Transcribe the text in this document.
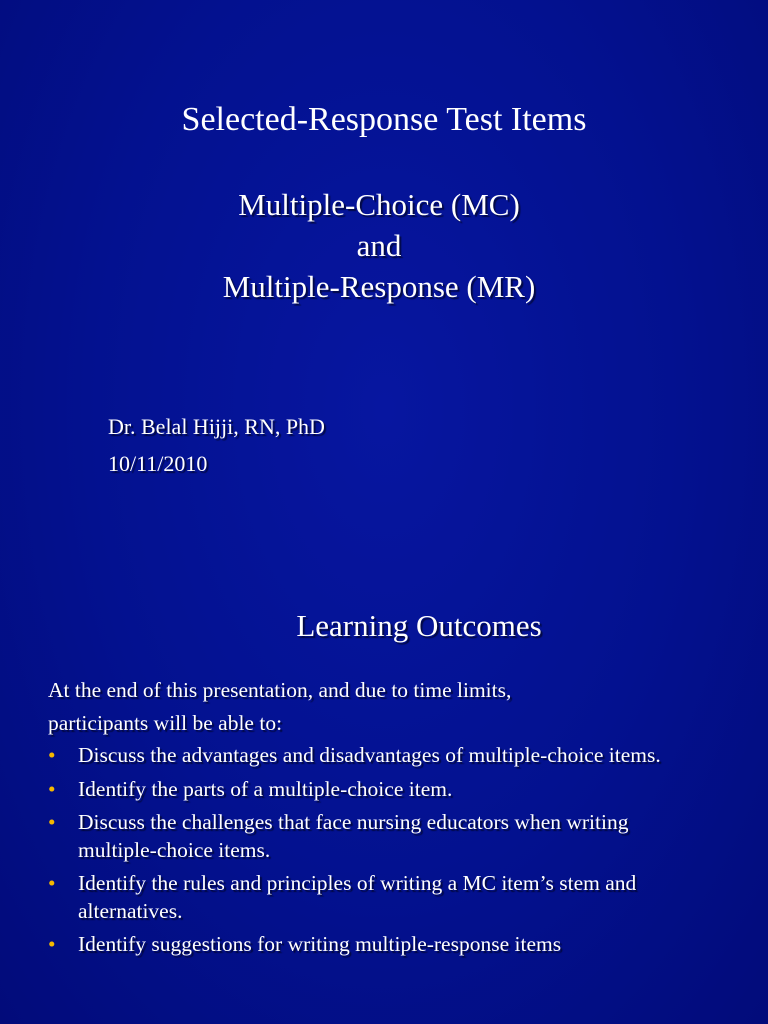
Selected-Response Test Items
Multiple-Choice (MC)
and
Multiple-Response (MR)
Dr. Belal Hijji, RN, PhD
10/11/2010
Learning Outcomes
At the end of this presentation, and due to time limits,
participants will be able to:
• Discuss the advantages and disadvantages of multiple-choice items.
• Identify the parts of a multiple-choice item.
• Discuss the challenges that face nursing educators when writing multiple-choice items.
• Identify the rules and principles of writing a MC item’s stem and alternatives.
• Identify suggestions for writing multiple-response items
